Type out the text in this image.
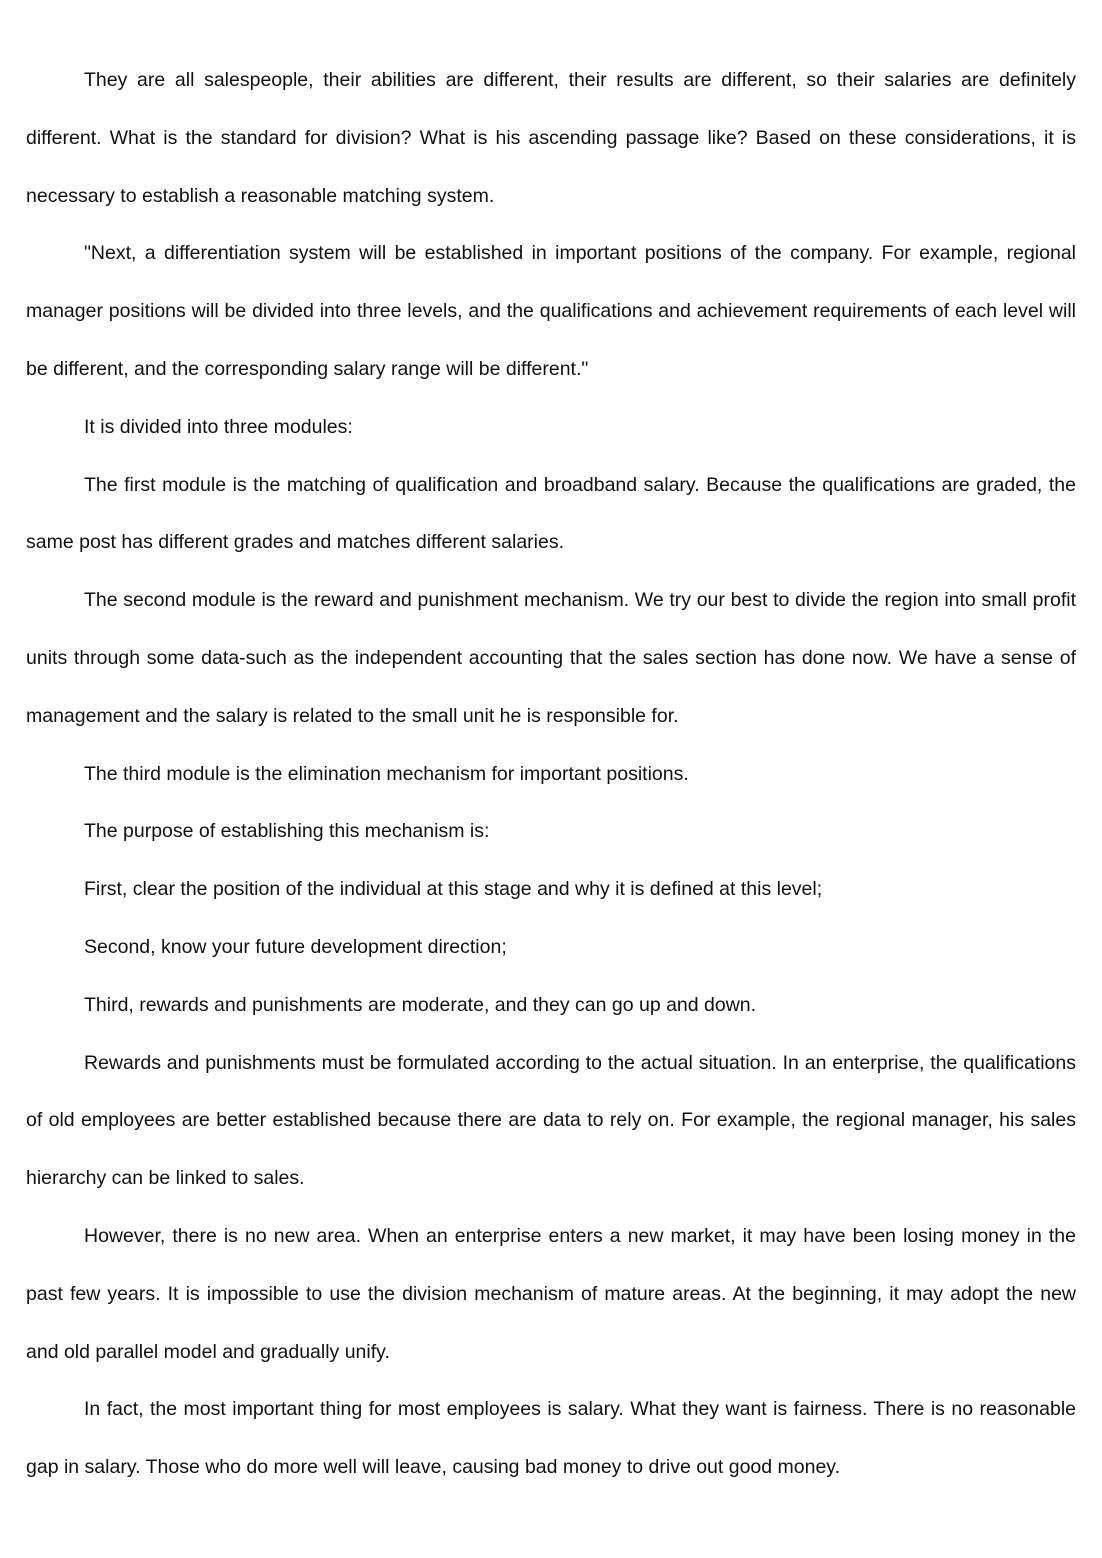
They are all salespeople, their abilities are different, their results are different, so their salaries are definitely different. What is the standard for division? What is his ascending passage like? Based on these considerations, it is necessary to establish a reasonable matching system.

"Next, a differentiation system will be established in important positions of the company. For example, regional manager positions will be divided into three levels, and the qualifications and achievement requirements of each level will be different, and the corresponding salary range will be different."

It is divided into three modules:

The first module is the matching of qualification and broadband salary. Because the qualifications are graded, the same post has different grades and matches different salaries.

The second module is the reward and punishment mechanism. We try our best to divide the region into small profit units through some data-such as the independent accounting that the sales section has done now. We have a sense of management and the salary is related to the small unit he is responsible for.

The third module is the elimination mechanism for important positions.

The purpose of establishing this mechanism is:

First, clear the position of the individual at this stage and why it is defined at this level;

Second, know your future development direction;

Third, rewards and punishments are moderate, and they can go up and down.

Rewards and punishments must be formulated according to the actual situation. In an enterprise, the qualifications of old employees are better established because there are data to rely on. For example, the regional manager, his sales hierarchy can be linked to sales.

However, there is no new area. When an enterprise enters a new market, it may have been losing money in the past few years. It is impossible to use the division mechanism of mature areas. At the beginning, it may adopt the new and old parallel model and gradually unify.

In fact, the most important thing for most employees is salary. What they want is fairness. There is no reasonable gap in salary. Those who do more well will leave, causing bad money to drive out good money.
